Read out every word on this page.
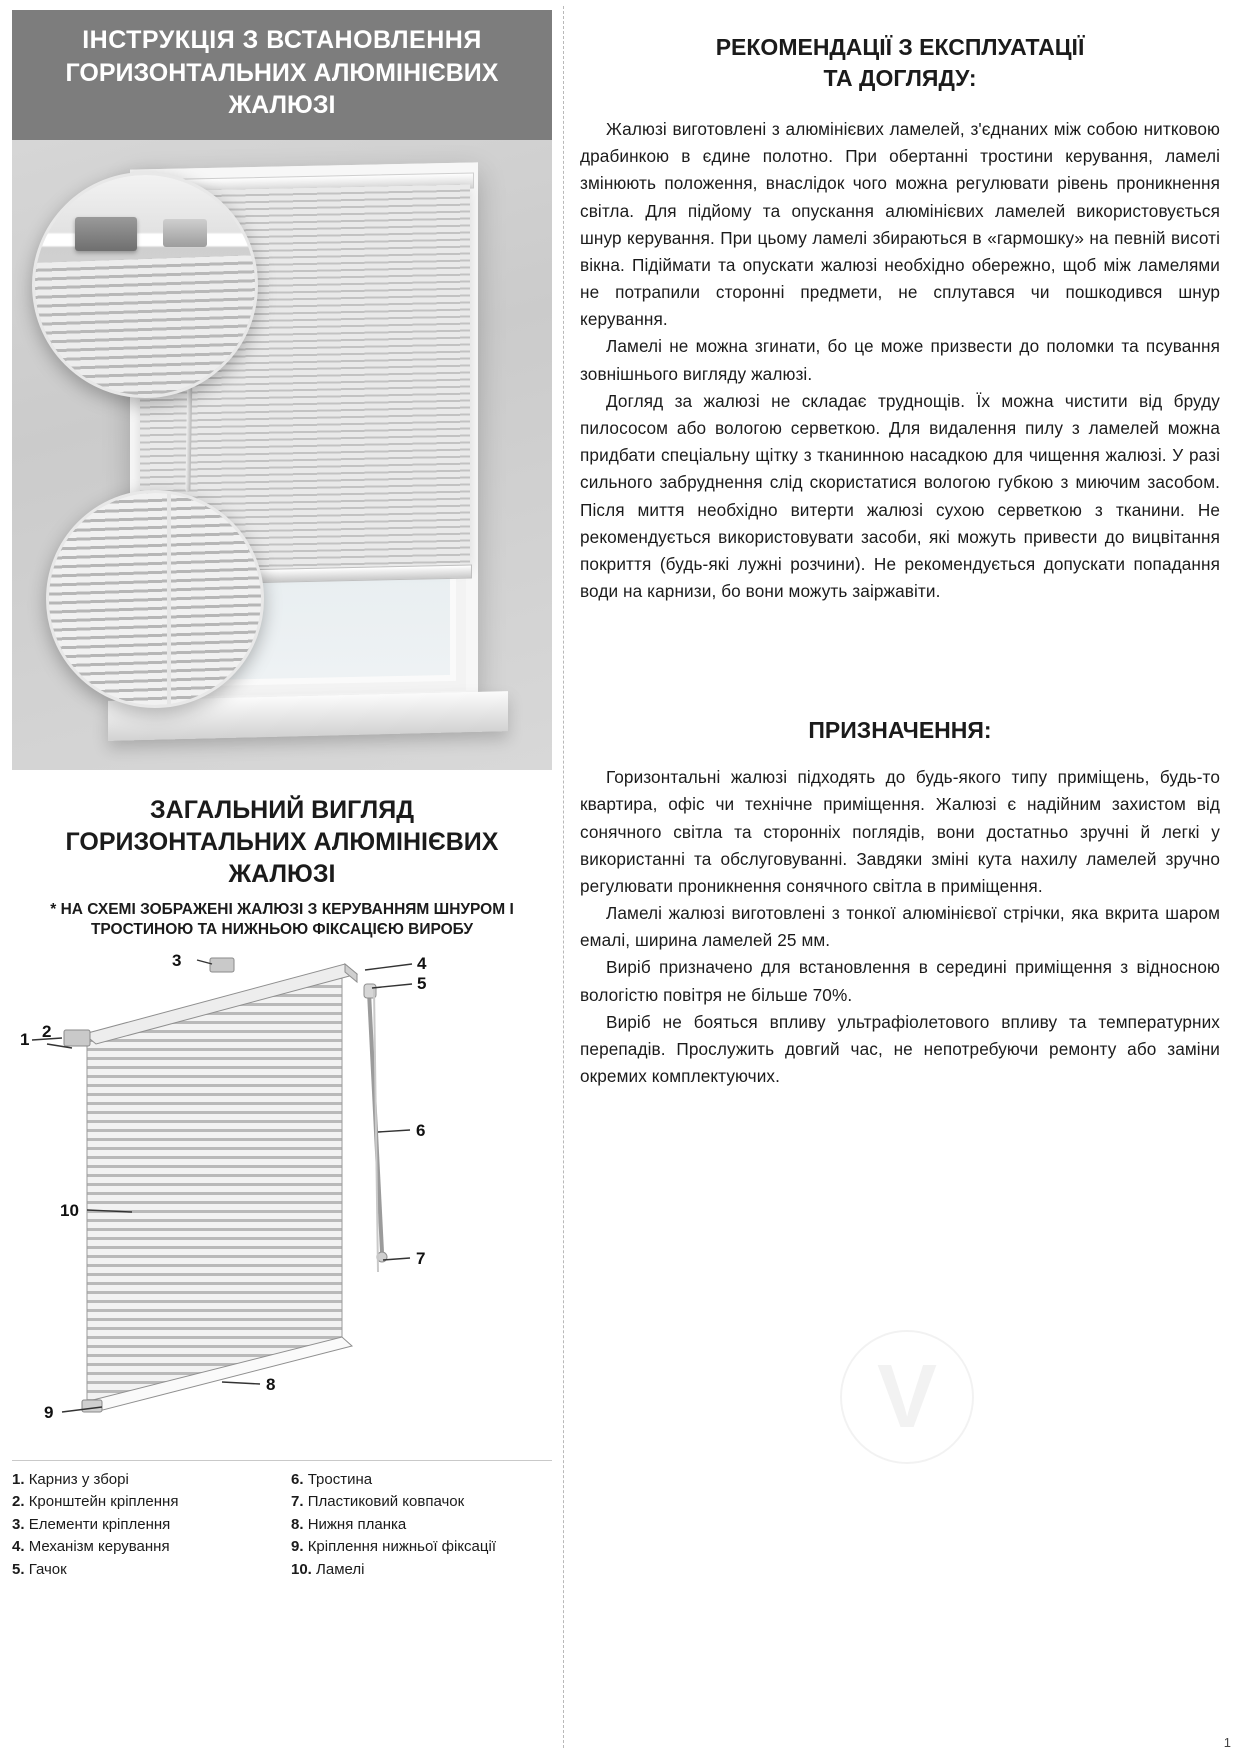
V
ІНСТРУКЦІЯ З ВСТАНОВЛЕННЯ
ГОРИЗОНТАЛЬНИХ АЛЮМІНІЄВИХ
ЖАЛЮЗІ
ЗАГАЛЬНИЙ ВИГЛЯД
ГОРИЗОНТАЛЬНИХ АЛЮМІНІЄВИХ
ЖАЛЮЗІ
* НА СХЕМІ ЗОБРАЖЕНІ ЖАЛЮЗІ З КЕРУВАННЯМ ШНУРОМ І
ТРОСТИНОЮ ТА НИЖНЬОЮ ФІКСАЦІЄЮ ВИРОБУ
3	4
5
1 2
6
7
10
8
9
1. Карниз у зборі
2. Кронштейн кріплення
3. Елементи кріплення
4. Механізм керування
5. Гачок
6. Тростина
7. Пластиковий ковпачок
8. Нижня планка
9. Кріплення нижньої фіксації
10. Ламелі
РЕКОМЕНДАЦІЇ З ЕКСПЛУАТАЦІЇ
ТА ДОГЛЯДУ:

Жалюзі виготовлені з алюмінієвих ламелей, з'єднаних між собою нитковою драбинкою в єдине полотно. При обертанні тростини керування, ламелі змінюють положення, внаслідок чого можна регулювати рівень проникнення світла. Для підйому та опускання алюмінієвих ламелей використовується шнур керування. При цьому ламелі збираються в «гармошку» на певній висоті вікна. Підіймати та опускати жалюзі необхідно обережно, щоб між ламелями не потрапили сторонні предмети, не сплутався чи пошкодився шнур керування.

Ламелі не можна згинати, бо це може призвести до поломки та псування зовнішнього вигляду жалюзі.

Догляд за жалюзі не складає труднощів. Їх можна чистити від бруду пилососом або вологою серветкою. Для видалення пилу з ламелей можна придбати спеціальну щітку з тканинною насадкою для чищення жалюзі. У разі сильного забруднення слід скористатися вологою губкою з миючим засобом. Після миття необхідно витерти жалюзі сухою серветкою з тканини. Не рекомендується використовувати засоби, які можуть привести до вицвітання покриття (будь-які лужні розчини). Не рекомендується допускати попадання води на карнизи, бо вони можуть заіржавіти.

ПРИЗНАЧЕННЯ:

Горизонтальні жалюзі підходять до будь-якого типу приміщень, будь-то квартира, офіс чи технічне приміщення. Жалюзі є надійним захистом від сонячного світла та сторонніх поглядів, вони достатньо зручні й легкі у використанні та обслуговуванні. Завдяки зміні кута нахилу ламелей зручно регулювати проникнення сонячного світла в приміщення.

Ламелі жалюзі виготовлені з тонкої алюмінієвої стрічки, яка вкрита шаром емалі, ширина ламелей 25 мм.

Виріб призначено для встановлення в середині приміщення з відносною вологістю повітря не більше 70%.

Виріб не бояться впливу ультрафіолетового впливу та температурних перепадів. Прослужить довгий час, не непотребуючи ремонту або заміни окремих комплектуючих.

1
